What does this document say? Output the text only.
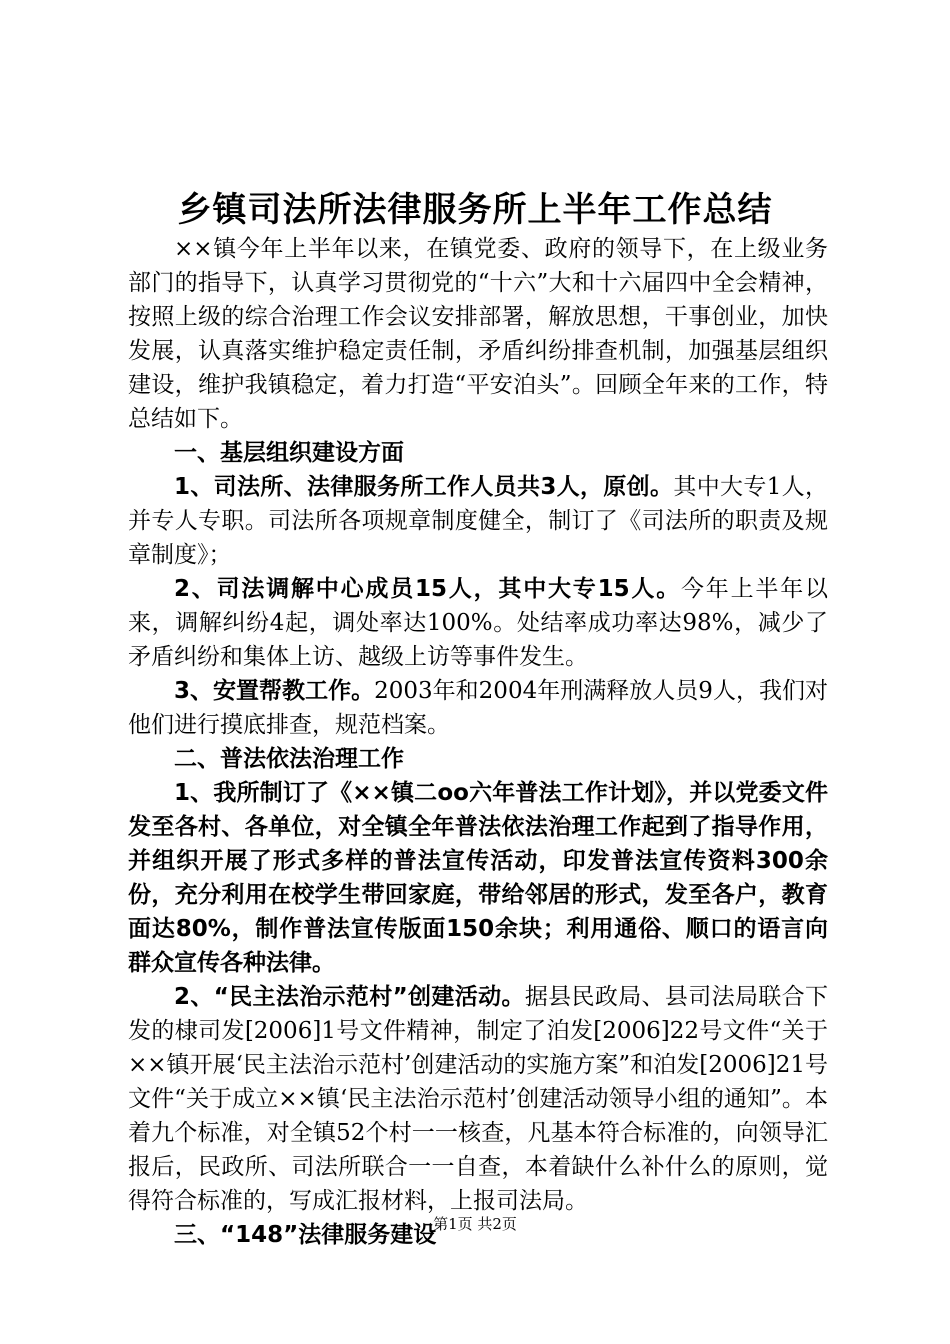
乡镇司法所法律服务所上半年工作总结

××镇今年上半年以来，在镇党委、政府的领导下，在上级业务部门的指导下，认真学习贯彻党的“十六”大和十六届四中全会精神，按照上级的综合治理工作会议安排部署，解放思想，干事创业，加快发展，认真落实维护稳定责任制，矛盾纠纷排查机制，加强基层组织建设，维护我镇稳定，着力打造“平安泊头”。回顾全年来的工作，特总结如下。

一、基层组织建设方面

1、司法所、法律服务所工作人员共3人，原创。其中大专1人，并专人专职。司法所各项规章制度健全，制订了《司法所的职责及规章制度》；

2、司法调解中心成员15人，其中大专15人。今年上半年以来，调解纠纷4起，调处率达100%。处结率成功率达98%，减少了矛盾纠纷和集体上访、越级上访等事件发生。

3、安置帮教工作。2003年和2004年刑满释放人员9人，我们对他们进行摸底排查，规范档案。

二、普法依法治理工作

1、我所制订了《××镇二oo六年普法工作计划》，并以党委文件发至各村、各单位，对全镇全年普法依法治理工作起到了指导作用，并组织开展了形式多样的普法宣传活动，印发普法宣传资料300余份，充分利用在校学生带回家庭，带给邻居的形式，发至各户，教育面达80%，制作普法宣传版面150余块；利用通俗、顺口的语言向群众宣传各种法律。

2、“民主法治示范村”创建活动。据县民政局、县司法局联合下发的棣司发[2006]1号文件精神，制定了泊发[2006]22号文件“关于××镇开展‘民主法治示范村’创建活动的实施方案”和泊发[2006]21号文件“关于成立××镇‘民主法治示范村’创建活动领导小组的通知”。本着九个标准，对全镇52个村一一核查，凡基本符合标准的，向领导汇报后，民政所、司法所联合一一自查，本着缺什么补什么的原则，觉得符合标准的，写成汇报材料，上报司法局。

三、“148”法律服务建设

第1页 共2页
